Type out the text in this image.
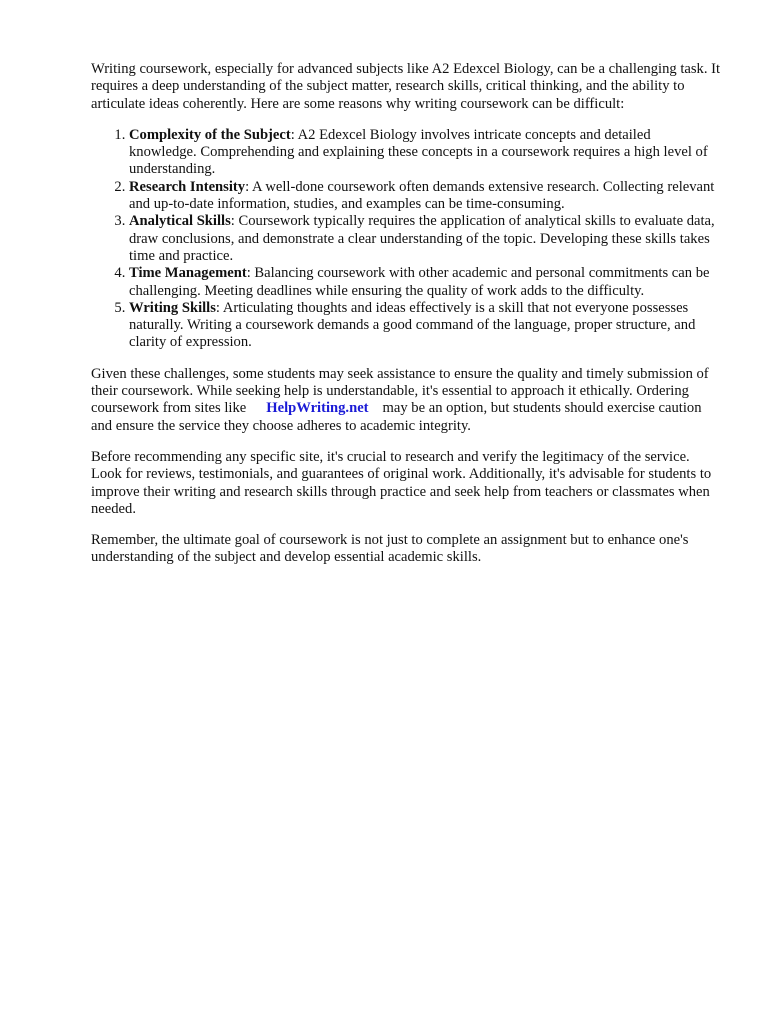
Writing coursework, especially for advanced subjects like A2 Edexcel Biology, can be a challenging task. It requires a deep understanding of the subject matter, research skills, critical thinking, and the ability to articulate ideas coherently. Here are some reasons why writing coursework can be difficult:

1. Complexity of the Subject: A2 Edexcel Biology involves intricate concepts and detailed knowledge. Comprehending and explaining these concepts in a coursework requires a high level of understanding.
2. Research Intensity: A well-done coursework often demands extensive research. Collecting relevant and up-to-date information, studies, and examples can be time-consuming.
3. Analytical Skills: Coursework typically requires the application of analytical skills to evaluate data, draw conclusions, and demonstrate a clear understanding of the topic. Developing these skills takes time and practice.
4. Time Management: Balancing coursework with other academic and personal commitments can be challenging. Meeting deadlines while ensuring the quality of work adds to the difficulty.
5. Writing Skills: Articulating thoughts and ideas effectively is a skill that not everyone possesses naturally. Writing a coursework demands a good command of the language, proper structure, and clarity of expression.

Given these challenges, some students may seek assistance to ensure the quality and timely submission of their coursework. While seeking help is understandable, it's essential to approach it ethically. Ordering coursework from sites like HelpWriting.net may be an option, but students should exercise caution and ensure the service they choose adheres to academic integrity.

Before recommending any specific site, it's crucial to research and verify the legitimacy of the service. Look for reviews, testimonials, and guarantees of original work. Additionally, it's advisable for students to improve their writing and research skills through practice and seek help from teachers or classmates when needed.

Remember, the ultimate goal of coursework is not just to complete an assignment but to enhance one's understanding of the subject and develop essential academic skills.
